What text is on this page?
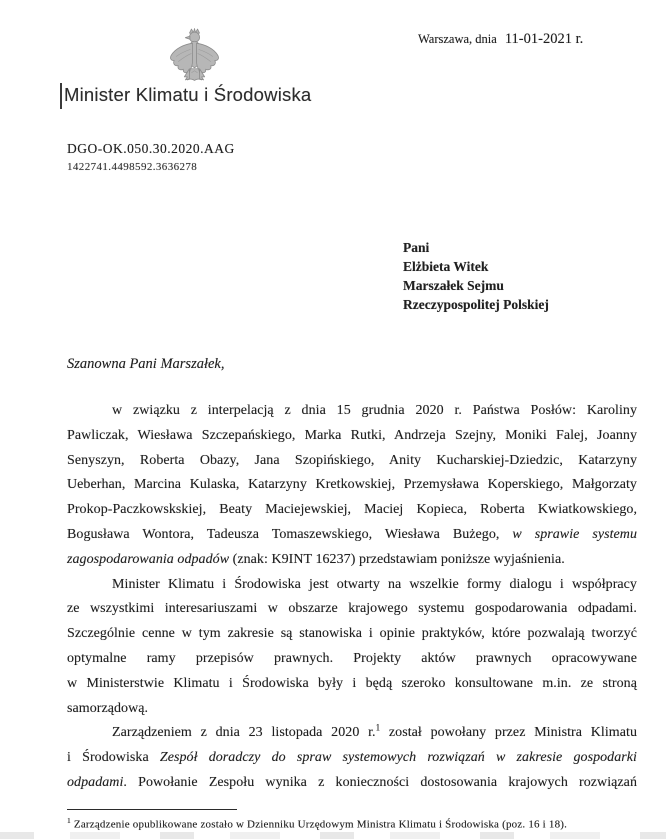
Warszawa, dnia 11-01-2021 r.
Minister Klimatu i Środowiska
DGO-OK.050.30.2020.AAG
1422741.4498592.3636278
Pani
Elżbieta Witek
Marszałek Sejmu
Rzeczypospolitej Polskiej
Szanowna Pani Marszałek,
w związku z interpelacją z dnia 15 grudnia 2020 r. Państwa Posłów: Karoliny
Pawliczak, Wiesława Szczepańskiego, Marka Rutki, Andrzeja Szejny, Moniki Falej, Joanny
Senyszyn, Roberta Obazy, Jana Szopińskiego, Anity Kucharskiej-Dziedzic, Katarzyny
Ueberhan, Marcina Kulaska, Katarzyny Kretkowskiej, Przemysława Koperskiego, Małgorzaty
Prokop-Paczkowskskiej, Beaty Maciejewskiej, Maciej Kopieca, Roberta Kwiatkowskiego,
Bogusława Wontora, Tadeusza Tomaszewskiego, Wiesława Bużego, w sprawie systemu
zagospodarowania odpadów (znak: K9INT 16237) przedstawiam poniższe wyjaśnienia.
Minister Klimatu i Środowiska jest otwarty na wszelkie formy dialogu i współpracy
ze wszystkimi interesariuszami w obszarze krajowego systemu gospodarowania odpadami.
Szczególnie cenne w tym zakresie są stanowiska i opinie praktyków, które pozwalają tworzyć
optymalne ramy przepisów prawnych. Projekty aktów prawnych opracowywane
w Ministerstwie Klimatu i Środowiska były i będą szeroko konsultowane m.in. ze stroną
samorządową.
Zarządzeniem z dnia 23 listopada 2020 r.$^1$ został powołany przez Ministra Klimatu
i Środowiska Zespół doradczy do spraw systemowych rozwiązań w zakresie gospodarki
odpadami. Powołanie Zespołu wynika z konieczności dostosowania krajowych rozwiązań
$^1$ Zarządzenie opublikowane zostało w Dzienniku Urzędowym Ministra Klimatu i Środowiska (poz. 16 i 18).
